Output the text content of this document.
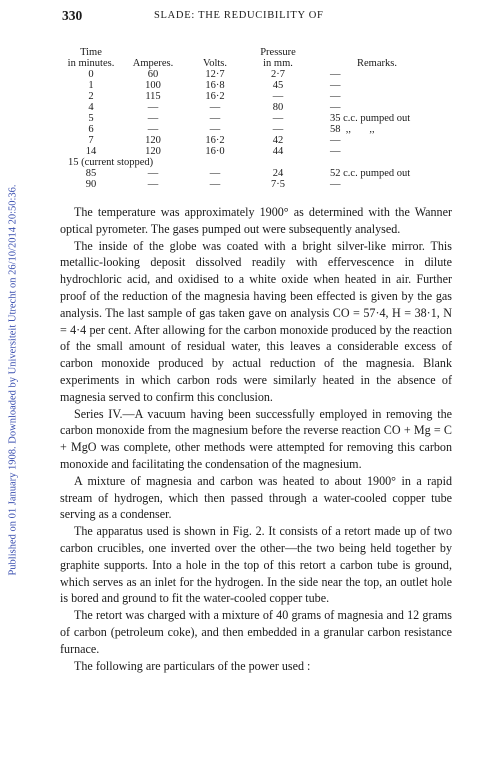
Published on 01 January 1908. Downloaded by Universiteit Utrecht on 26/10/2014 20:50:36.
330	SLADE: THE REDUCIBILITY OF
Time			Pressure	
in minutes.	Amperes.	Volts.	in mm.	Remarks.
0	60	12·7	2·7	—
1	100	16·8	45	—
2	115	16·2	—	—
4	—	—	80	—
5	—	—	—	35 c.c. pumped out
6	—	—	—	58  ,,       ,,
7	120	16·2	42	—
14	120	16·0	44	—
15 (current stopped)				
85	—	—	24	52 c.c. pumped out
90	—	—	7·5	—

The temperature was approximately 1900° as determined with the Wanner optical pyrometer. The gases pumped out were subsequently analysed.

The inside of the globe was coated with a bright silver-like mirror. This metallic-looking deposit dissolved readily with effervescence in dilute hydrochloric acid, and oxidised to a white oxide when heated in air. Further proof of the reduction of the magnesia having been effected is given by the gas analysis. The last sample of gas taken gave on analysis CO = 57·4, H = 38·1, N = 4·4 per cent. After allowing for the carbon monoxide produced by the reaction of the small amount of residual water, this leaves a considerable excess of carbon monoxide produced by actual reduction of the magnesia. Blank experiments in which carbon rods were similarly heated in the absence of magnesia served to confirm this conclusion.

Series IV.—A vacuum having been successfully employed in removing the carbon monoxide from the magnesium before the reverse reaction CO + Mg = C + MgO was complete, other methods were attempted for removing this carbon monoxide and facilitating the condensation of the magnesium.

A mixture of magnesia and carbon was heated to about 1900° in a rapid stream of hydrogen, which then passed through a water-cooled copper tube serving as a condenser.

The apparatus used is shown in Fig. 2. It consists of a retort made up of two carbon crucibles, one inverted over the other—the two being held together by graphite supports. Into a hole in the top of this retort a carbon tube is ground, which serves as an inlet for the hydrogen. In the side near the top, an outlet hole is bored and ground to fit the water-cooled copper tube.

The retort was charged with a mixture of 40 grams of magnesia and 12 grams of carbon (petroleum coke), and then embedded in a granular carbon resistance furnace.

The following are particulars of the power used :
